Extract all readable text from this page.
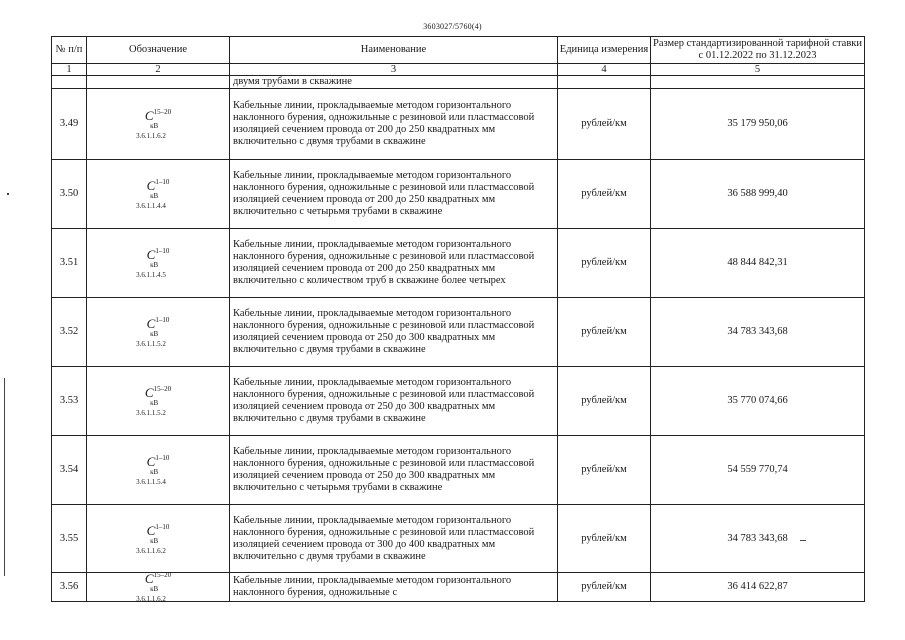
3603027/5760(4)
№ п/п	Обозначение	Наименование	Единица измерения	Размер стандартизированной тарифной ставки с 01.12.2022 по 31.12.2023
1	2	3	4	5
		двумя трубами в скважине		
3.49	$C^{15-20 кВ}_{3.6.1.1.6.2}$	Кабельные линии, прокладываемые методом горизонтального наклонного бурения, одножильные с резиновой или пластмассовой изоляцией сечением провода от 200 до 250 квадратных мм включительно с двумя трубами в скважине	рублей/км	35 179 950,06
3.50	$C^{1-10 кВ}_{3.6.1.1.4.4}$	Кабельные линии, прокладываемые методом горизонтального наклонного бурения, одножильные с резиновой или пластмассовой изоляцией сечением провода от 200 до 250 квадратных мм включительно с четырьмя трубами в скважине	рублей/км	36 588 999,40
3.51	$C^{1-10 кВ}_{3.6.1.1.4.5}$	Кабельные линии, прокладываемые методом горизонтального наклонного бурения, одножильные с резиновой или пластмассовой изоляцией сечением провода от 200 до 250 квадратных мм включительно с количеством труб в скважине более четырех	рублей/км	48 844 842,31
3.52	$C^{1-10 кВ}_{3.6.1.1.5.2}$	Кабельные линии, прокладываемые методом горизонтального наклонного бурения, одножильные с резиновой или пластмассовой изоляцией сечением провода от 250 до 300 квадратных мм включительно с двумя трубами в скважине	рублей/км	34 783 343,68
3.53	$C^{15-20 кВ}_{3.6.1.1.5.2}$	Кабельные линии, прокладываемые методом горизонтального наклонного бурения, одножильные с резиновой или пластмассовой изоляцией сечением провода от 250 до 300 квадратных мм включительно с двумя трубами в скважине	рублей/км	35 770 074,66
3.54	$C^{1-10 кВ}_{3.6.1.1.5.4}$	Кабельные линии, прокладываемые методом горизонтального наклонного бурения, одножильные с резиновой или пластмассовой изоляцией сечением провода от 250 до 300 квадратных мм включительно с четырьмя трубами в скважине	рублей/км	54 559 770,74
3.55	$C^{1-10 кВ}_{3.6.1.1.6.2}$	Кабельные линии, прокладываемые методом горизонтального наклонного бурения, одножильные с резиновой или пластмассовой изоляцией сечением провода от 300 до 400 квадратных мм включительно с двумя трубами в скважине	рублей/км	34 783 343,68
3.56	$C^{15-20 кВ}_{3.6.1.1.6.2}$	Кабельные линии, прокладываемые методом горизонтального наклонного бурения, одножильные с	рублей/км	36 414 622,87
